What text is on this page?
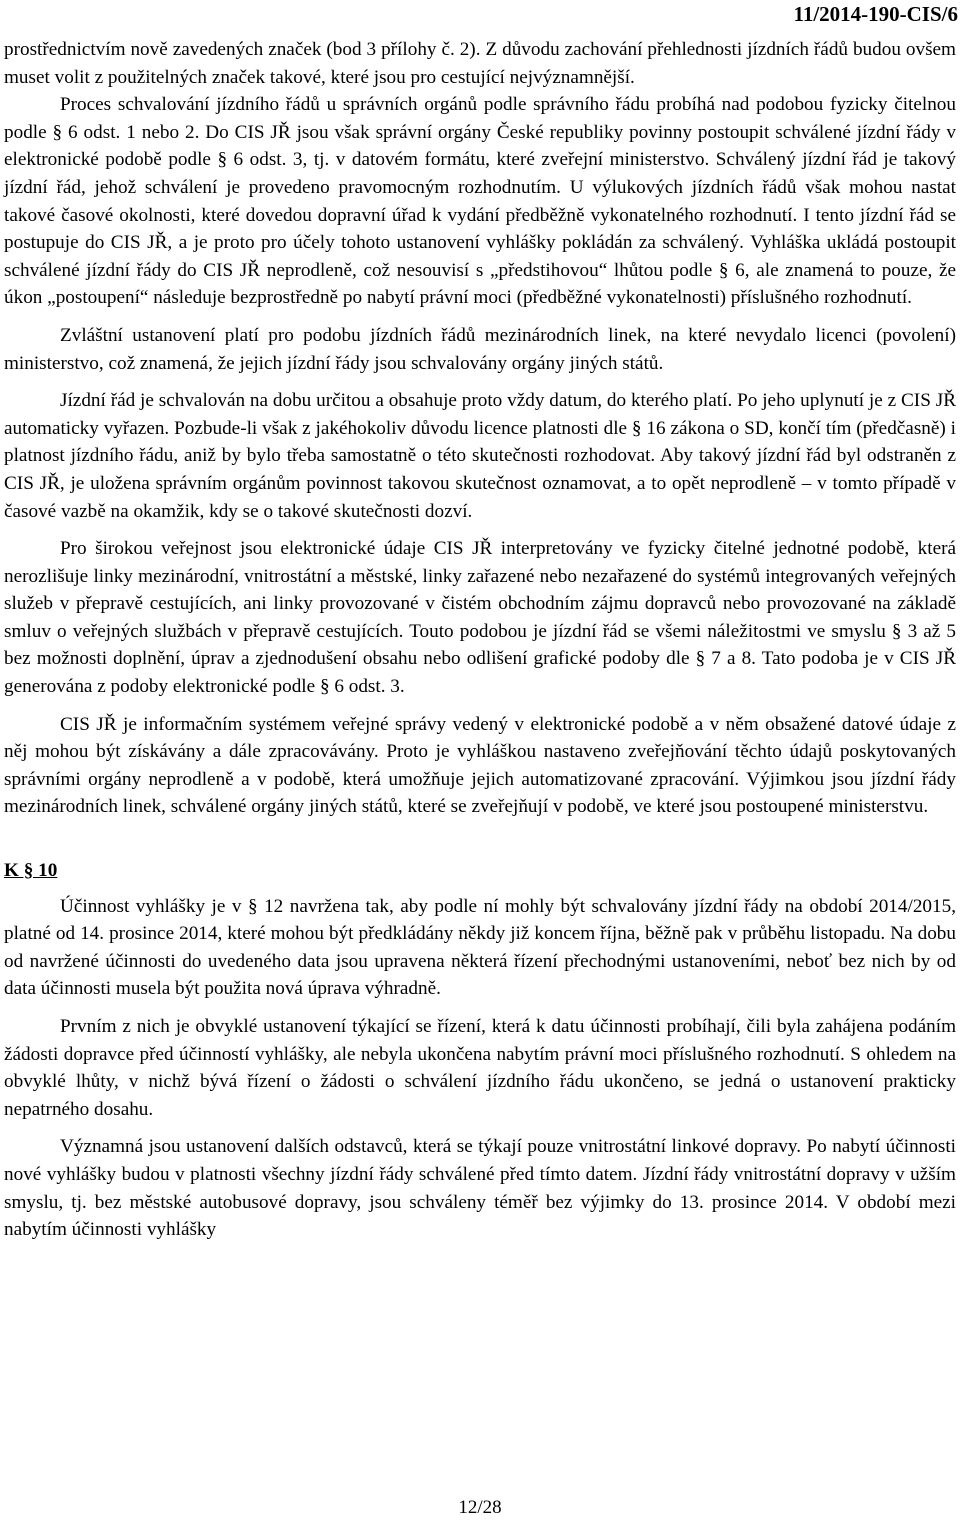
11/2014-190-CIS/6

prostřednictvím nově zavedených značek (bod 3 přílohy č. 2). Z důvodu zachování přehlednosti jízdních řádů budou ovšem muset volit z použitelných značek takové, které jsou pro cestující nejvýznamnější.

Proces schvalování jízdního řádů u správních orgánů podle správního řádu probíhá nad podobou fyzicky čitelnou podle § 6 odst. 1 nebo 2. Do CIS JŘ jsou však správní orgány České republiky povinny postoupit schválené jízdní řády v elektronické podobě podle § 6 odst. 3, tj. v datovém formátu, které zveřejní ministerstvo. Schválený jízdní řád je takový jízdní řád, jehož schválení je provedeno pravomocným rozhodnutím. U výlukových jízdních řádů však mohou nastat takové časové okolnosti, které dovedou dopravní úřad k vydání předběžně vykonatelného rozhodnutí. I tento jízdní řád se postupuje do CIS JŘ, a je proto pro účely tohoto ustanovení vyhlášky pokládán za schválený. Vyhláška ukládá postoupit schválené jízdní řády do CIS JŘ neprodleně, což nesouvisí s „předstihovou“ lhůtou podle § 6, ale znamená to pouze, že úkon „postoupení“ následuje bezprostředně po nabytí právní moci (předběžné vykonatelnosti) příslušného rozhodnutí.

Zvláštní ustanovení platí pro podobu jízdních řádů mezinárodních linek, na které nevydalo licenci (povolení) ministerstvo, což znamená, že jejich jízdní řády jsou schvalovány orgány jiných států.

Jízdní řád je schvalován na dobu určitou a obsahuje proto vždy datum, do kterého platí. Po jeho uplynutí je z CIS JŘ automaticky vyřazen. Pozbude-li však z jakéhokoliv důvodu licence platnosti dle § 16 zákona o SD, končí tím (předčasně) i platnost jízdního řádu, aniž by bylo třeba samostatně o této skutečnosti rozhodovat. Aby takový jízdní řád byl odstraněn z CIS JŘ, je uložena správním orgánům povinnost takovou skutečnost oznamovat, a to opět neprodleně – v tomto případě v časové vazbě na okamžik, kdy se o takové skutečnosti dozví.

Pro širokou veřejnost jsou elektronické údaje CIS JŘ interpretovány ve fyzicky čitelné jednotné podobě, která nerozlišuje linky mezinárodní, vnitrostátní a městské, linky zařazené nebo nezařazené do systémů integrovaných veřejných služeb v přepravě cestujících, ani linky provozované v čistém obchodním zájmu dopravců nebo provozované na základě smluv o veřejných službách v přepravě cestujících. Touto podobou je jízdní řád se všemi náležitostmi ve smyslu § 3 až 5 bez možnosti doplnění, úprav a zjednodušení obsahu nebo odlišení grafické podoby dle § 7 a 8. Tato podoba je v CIS JŘ generována z podoby elektronické podle § 6 odst. 3.

CIS JŘ je informačním systémem veřejné správy vedený v elektronické podobě a v něm obsažené datové údaje z něj mohou být získávány a dále zpracovávány. Proto je vyhláškou nastaveno zveřejňování těchto údajů poskytovaných správními orgány neprodleně a v podobě, která umožňuje jejich automatizované zpracování. Výjimkou jsou jízdní řády mezinárodních linek, schválené orgány jiných států, které se zveřejňují v podobě, ve které jsou postoupené ministerstvu.

K § 10

Účinnost vyhlášky je v § 12 navržena tak, aby podle ní mohly být schvalovány jízdní řády na období 2014/2015, platné od 14. prosince 2014, které mohou být předkládány někdy již koncem října, běžně pak v průběhu listopadu. Na dobu od navržené účinnosti do uvedeného data jsou upravena některá řízení přechodnými ustanoveními, neboť bez nich by od data účinnosti musela být použita nová úprava výhradně.

Prvním z nich je obvyklé ustanovení týkající se řízení, která k datu účinnosti probíhají, čili byla zahájena podáním žádosti dopravce před účinností vyhlášky, ale nebyla ukončena nabytím právní moci příslušného rozhodnutí. S ohledem na obvyklé lhůty, v nichž bývá řízení o žádosti o schválení jízdního řádu ukončeno, se jedná o ustanovení prakticky nepatrného dosahu.

Významná jsou ustanovení dalších odstavců, která se týkají pouze vnitrostátní linkové dopravy. Po nabytí účinnosti nové vyhlášky budou v platnosti všechny jízdní řády schválené před tímto datem. Jízdní řády vnitrostátní dopravy v užším smyslu, tj. bez městské autobusové dopravy, jsou schváleny téměř bez výjimky do 13. prosince 2014. V období mezi nabytím účinnosti vyhlášky

12/28
